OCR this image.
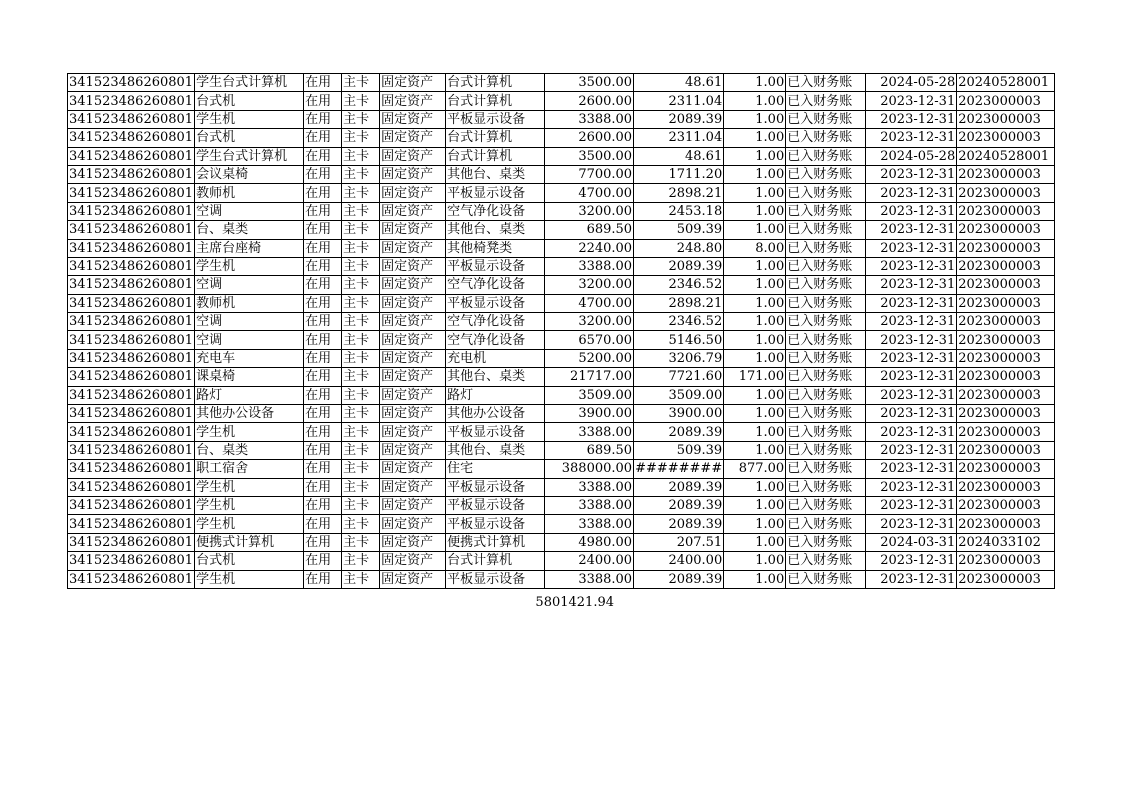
341523486260801	学生台式计算机	在用	主卡	固定资产	台式计算机	3500.00	48.61	1.00	已入财务账	2024-05-28	20240528001
341523486260801	台式机	在用	主卡	固定资产	台式计算机	2600.00	2311.04	1.00	已入财务账	2023-12-31	2023000003
341523486260801	学生机	在用	主卡	固定资产	平板显示设备	3388.00	2089.39	1.00	已入财务账	2023-12-31	2023000003
341523486260801	台式机	在用	主卡	固定资产	台式计算机	2600.00	2311.04	1.00	已入财务账	2023-12-31	2023000003
341523486260801	学生台式计算机	在用	主卡	固定资产	台式计算机	3500.00	48.61	1.00	已入财务账	2024-05-28	20240528001
341523486260801	会议桌椅	在用	主卡	固定资产	其他台、桌类	7700.00	1711.20	1.00	已入财务账	2023-12-31	2023000003
341523486260801	教师机	在用	主卡	固定资产	平板显示设备	4700.00	2898.21	1.00	已入财务账	2023-12-31	2023000003
341523486260801	空调	在用	主卡	固定资产	空气净化设备	3200.00	2453.18	1.00	已入财务账	2023-12-31	2023000003
341523486260801	台、桌类	在用	主卡	固定资产	其他台、桌类	689.50	509.39	1.00	已入财务账	2023-12-31	2023000003
341523486260801	主席台座椅	在用	主卡	固定资产	其他椅凳类	2240.00	248.80	8.00	已入财务账	2023-12-31	2023000003
341523486260801	学生机	在用	主卡	固定资产	平板显示设备	3388.00	2089.39	1.00	已入财务账	2023-12-31	2023000003
341523486260801	空调	在用	主卡	固定资产	空气净化设备	3200.00	2346.52	1.00	已入财务账	2023-12-31	2023000003
341523486260801	教师机	在用	主卡	固定资产	平板显示设备	4700.00	2898.21	1.00	已入财务账	2023-12-31	2023000003
341523486260801	空调	在用	主卡	固定资产	空气净化设备	3200.00	2346.52	1.00	已入财务账	2023-12-31	2023000003
341523486260801	空调	在用	主卡	固定资产	空气净化设备	6570.00	5146.50	1.00	已入财务账	2023-12-31	2023000003
341523486260801	充电车	在用	主卡	固定资产	充电机	5200.00	3206.79	1.00	已入财务账	2023-12-31	2023000003
341523486260801	课桌椅	在用	主卡	固定资产	其他台、桌类	21717.00	7721.60	171.00	已入财务账	2023-12-31	2023000003
341523486260801	路灯	在用	主卡	固定资产	路灯	3509.00	3509.00	1.00	已入财务账	2023-12-31	2023000003
341523486260801	其他办公设备	在用	主卡	固定资产	其他办公设备	3900.00	3900.00	1.00	已入财务账	2023-12-31	2023000003
341523486260801	学生机	在用	主卡	固定资产	平板显示设备	3388.00	2089.39	1.00	已入财务账	2023-12-31	2023000003
341523486260801	台、桌类	在用	主卡	固定资产	其他台、桌类	689.50	509.39	1.00	已入财务账	2023-12-31	2023000003
341523486260801	职工宿舍	在用	主卡	固定资产	住宅	388000.00	########	877.00	已入财务账	2023-12-31	2023000003
341523486260801	学生机	在用	主卡	固定资产	平板显示设备	3388.00	2089.39	1.00	已入财务账	2023-12-31	2023000003
341523486260801	学生机	在用	主卡	固定资产	平板显示设备	3388.00	2089.39	1.00	已入财务账	2023-12-31	2023000003
341523486260801	学生机	在用	主卡	固定资产	平板显示设备	3388.00	2089.39	1.00	已入财务账	2023-12-31	2023000003
341523486260801	便携式计算机	在用	主卡	固定资产	便携式计算机	4980.00	207.51	1.00	已入财务账	2024-03-31	2024033102
341523486260801	台式机	在用	主卡	固定资产	台式计算机	2400.00	2400.00	1.00	已入财务账	2023-12-31	2023000003
341523486260801	学生机	在用	主卡	固定资产	平板显示设备	3388.00	2089.39	1.00	已入财务账	2023-12-31	2023000003
5801421.94
